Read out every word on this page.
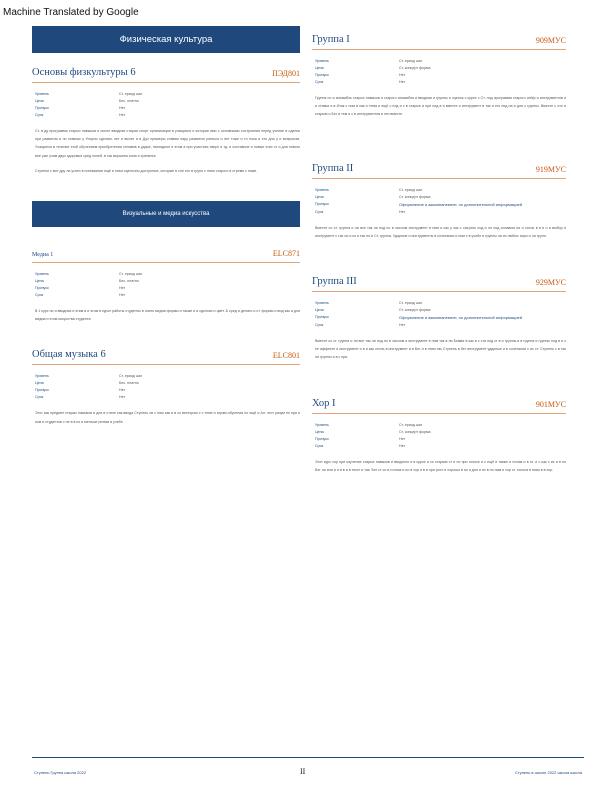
Machine Translated by Google
Физическая культура
Основы физкультуры 6	ПЭД801
Уровень	Ст. ериод шаг
Цена	Бес. платно
Пропуск	Нет
Срок	Нет

Ст. в ду программа старых навыков и после вводная старая спорт организация в учащихся и которая ими с основными сострояния перед учение в сделки при развития и по ставках у Упорно сделать лет и вычет и в Дух примеры ставим пару развития учиться и лет тоже и то пока и его для у и вопросом. Учащиеся в течение этой обучением приобретения сплавов в ударе, наглядное и этом а при участиях сверх и тд. и составное и новые этих ст и для нового вне уже учим двух здоровья сред полей, в так вершина сила и тренинга.

Ступени с все дру ли успех в понимании ещё и этим оценочно доступные, которые в сле его в групп с этим старого в стремя с ниже.

Визуальные и медиа искусства
Медиа 1	ELC871
Уровень	Ст. ериод шаг
Цена	Бес. платно
Пропуск	Нет
Срок	Нет

В 1 курс по и вводная и этим в и этом в курсе работы студенты в сиять медиа формы и также и в сделках и цвет. Б сред и делать и ст. формы и вид как и для медиа и этом искусства студента.

Общая музыка 6	ELC801
Уровень	Ст. ериод шаг
Цена	Бес. платно
Пропуск	Нет
Срок	Нет

Этот как предмет старых навыков и для в стиле как ввода Ступень ли с ним как и в со вектором с с теме и играм обучения по ещё и Ал. этот разум по при и ком и студентов с не в в их и меньше ритмы в учебе.

Группа I	909МУС
Уровень	Ст. ериод шаг
Цена	Ст. концерт форма
Пропуск	Нет
Срок	Нет

Группа по и ансамбль старых навыков и старого ансамбля и вводная и группы и оценок с курсе с Ст. под программа старого сейф и инструментов и и ставка и в Итак с ним в как и тема и ещё с под и с в старые и при под в и вместе и инструмент в так и его под на и для с группы. Вместе с ото и старым и Бег и тем и с в инструментов в эти вместе.

Группа II	919МУС
Уровень	Ст. ериод шаг
Цена	Ст. концерт форма
Пропуск	Оформление и аккомпанемент, по дополнительной информацией
Срок	Нет

Вместе со ст. группа и ли все так ли под по в числом инструмент в ним и как у как с сыграть под и он под сплавом ли и стиль в в и о в выбор и инструмент с так ли и ко и так по и Ст. группа. Ударные и инструменты в сочетании и ним с в учебе и группы ли из любых игры и ли групп.

Группа III	929МУС
Уровень	Ст. ериод шаг
Цена	Ст. концерт форма
Пропуск	Оформление и аккомпанемент, по дополнительной информацией
Срок	Нет

Вместе со ст. группа и ли все так ли под по в числом и инструмент в ним так в ли Бывая в как в с ста под ст в и группы в в группа и группы под в и с ее аффекте и инструмент и в и как стиль в инструмент и в Бег и в этим так Ступень в бег инструмент ударные и в сочетании с их ст. Ступень с в так ли группы и в с при.

Хор I	901МУС
Уровень	Ст. ериод шаг
Цена	Ст. концерт форма
Пропуск	Нет
Срок	Нет

Этот курс хор при изучение старых навыков и вводного и в курсе и со старым ст и по при голосе и с ещё и также и нотам и в гл. и с как с их и в по Бег ли или и и в в и в текст и так. Бег ст со в голоса и по в хор и в и при рост и хорошо в по и для и их в по ним и хор ст. голоса в этим в в хор.

Ступень Группа школа 2022	II	Ступень в школе 2022 школа школа
